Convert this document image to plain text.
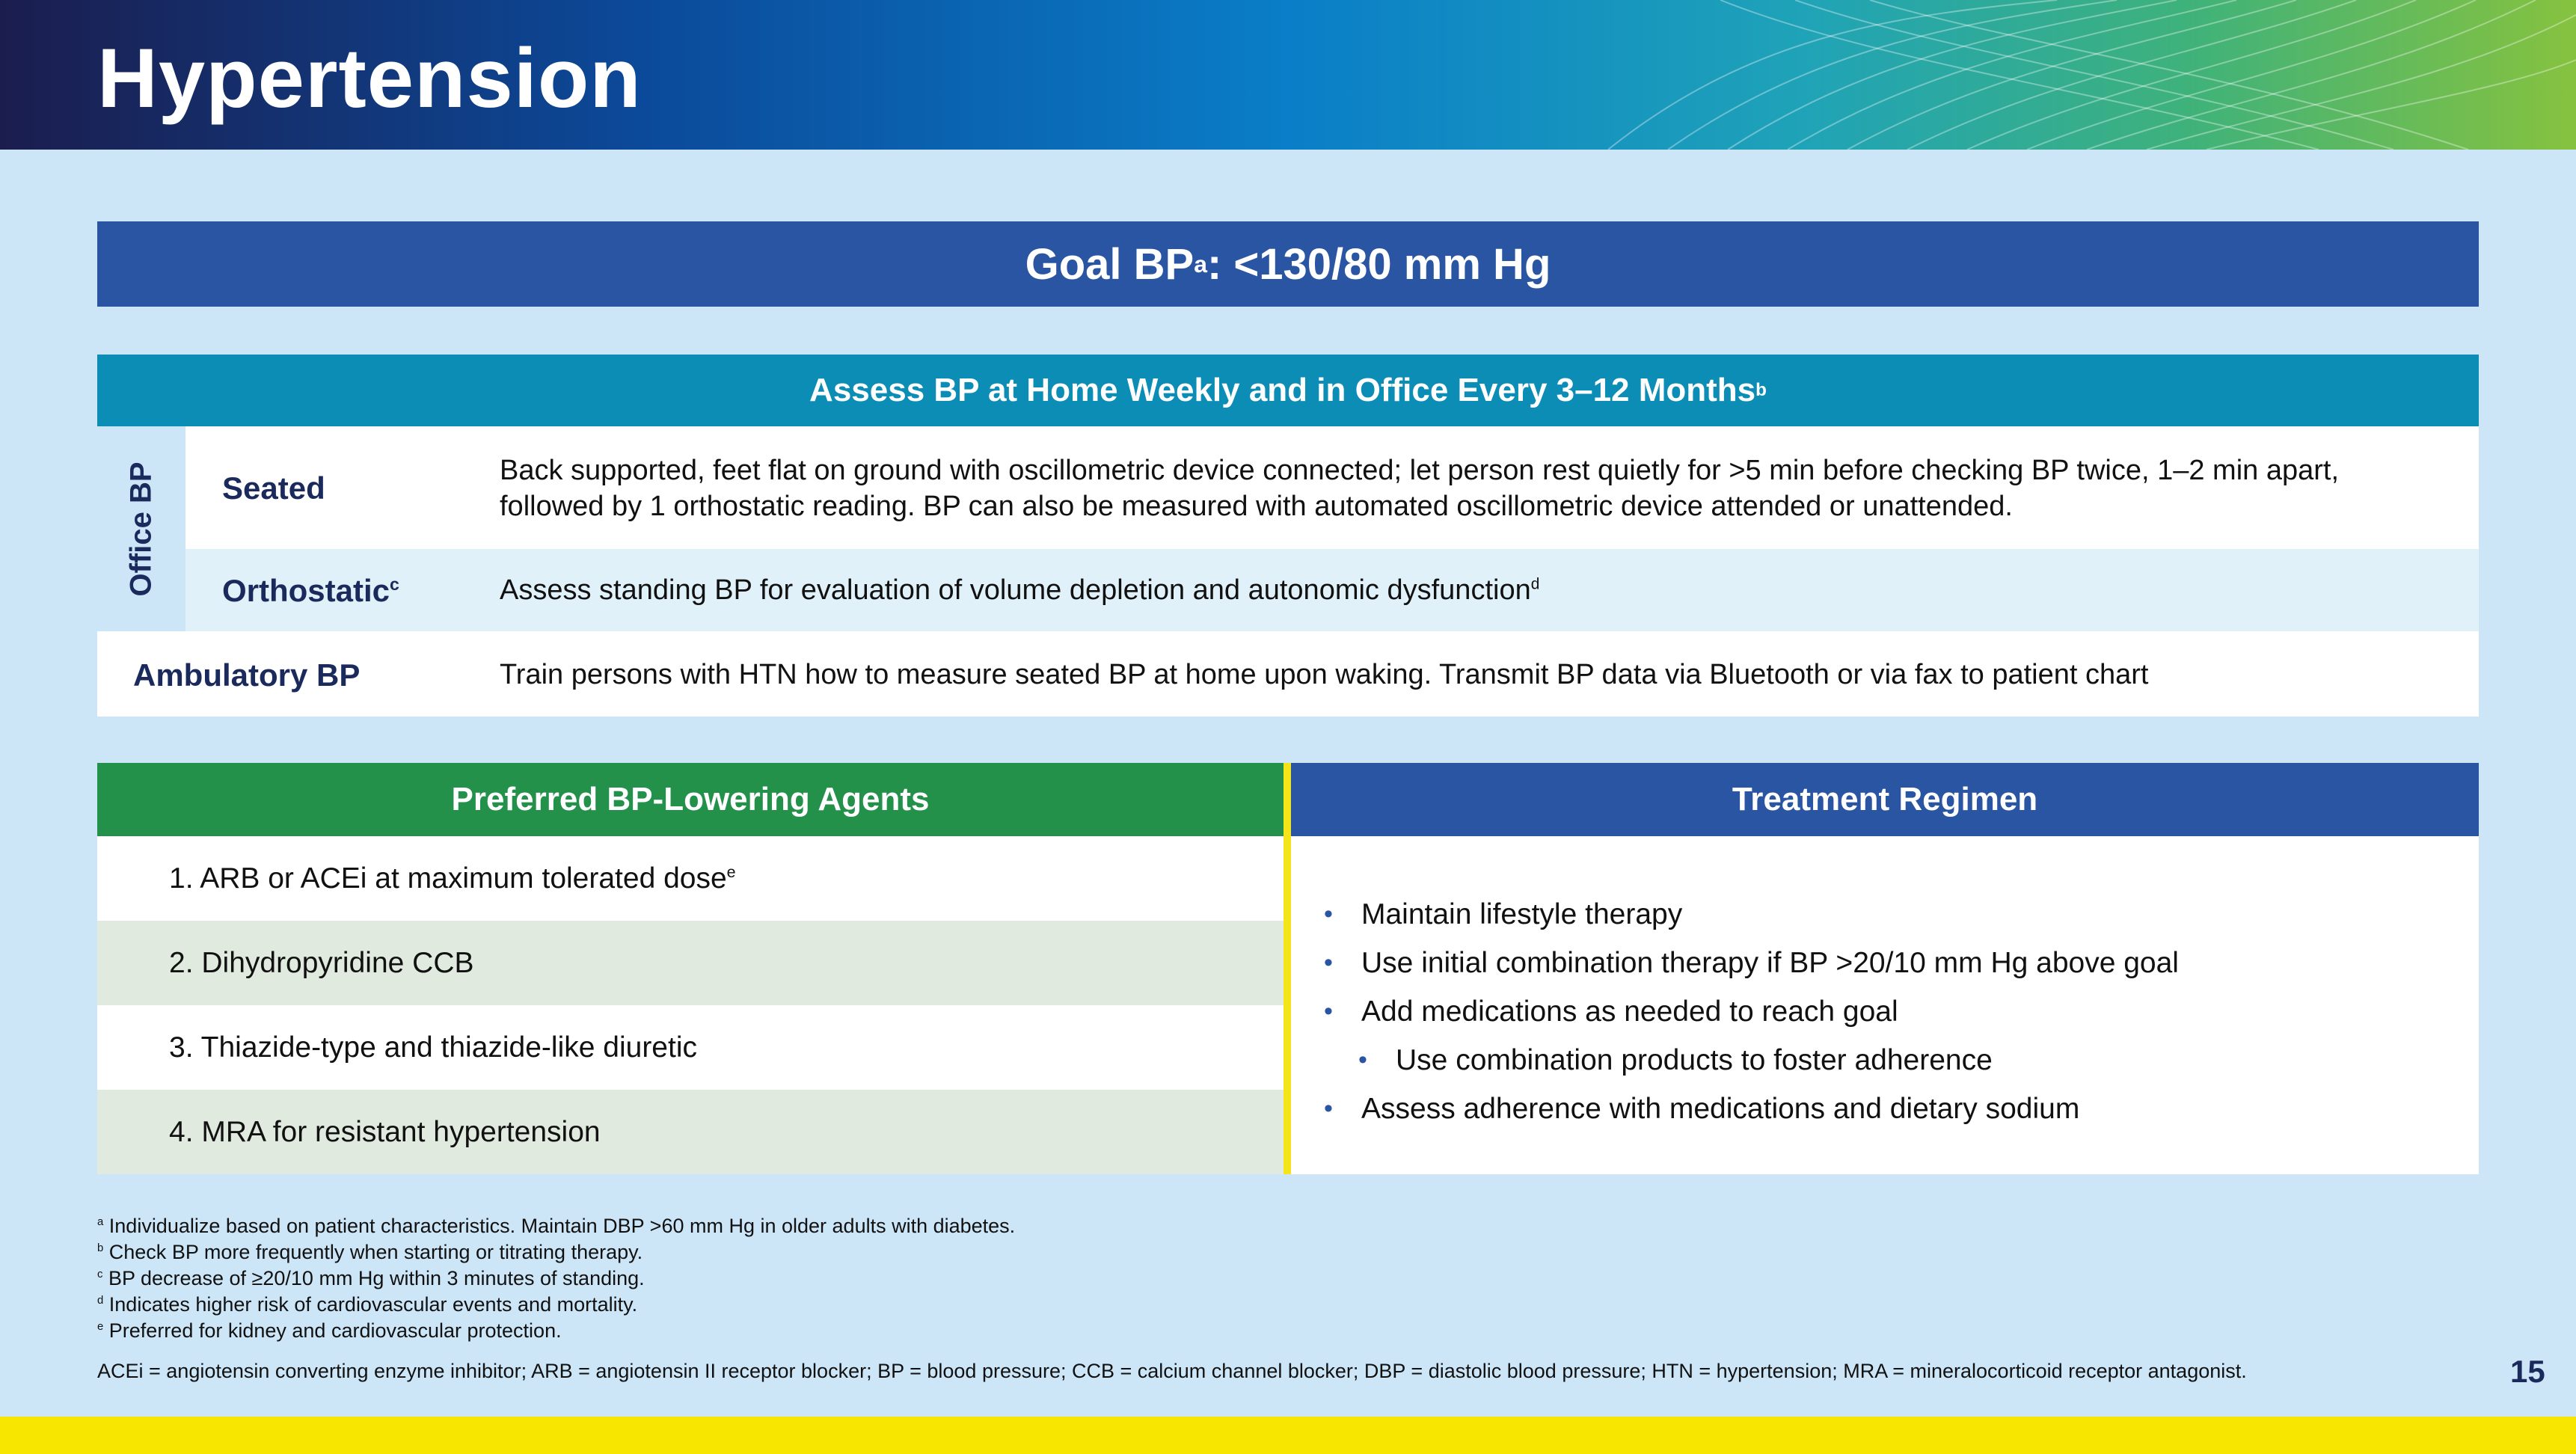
Hypertension
Goal BP a : <130/80 mm Hg
Assess BP at Home Weekly and in Office Every 3–12 Months b
Seated	Back supported, feet flat on ground with oscillometric device connected; let person rest quietly for >5 min before checking BP twice, 1–2 min apart, followed by 1 orthostatic reading. BP can also be measured with automated oscillometric device attended or unattended.
Orthostatic$^c$	Assess standing BP for evaluation of volume depletion and autonomic dysfunction$^d$
Office BP
Ambulatory BP	Train persons with HTN how to measure seated BP at home upon waking. Transmit BP data via Bluetooth or via fax to patient chart
Preferred BP-Lowering Agents
1. ARB or ACEi at maximum tolerated dose$^e$
2. Dihydropyridine CCB
3. Thiazide-type and thiazide-like diuretic
4. MRA for resistant hypertension
Treatment Regimen
• Maintain lifestyle therapy
• Use initial combination therapy if BP >20/10 mm Hg above goal
• Add medications as needed to reach goal
• Use combination products to foster adherence
• Assess adherence with medications and dietary sodium
$^a$ Individualize based on patient characteristics. Maintain DBP >60 mm Hg in older adults with diabetes.
$^b$ Check BP more frequently when starting or titrating therapy.
$^c$ BP decrease of ≥20/10 mm Hg within 3 minutes of standing.
$^d$ Indicates higher risk of cardiovascular events and mortality.
$^e$ Preferred for kidney and cardiovascular protection.
ACEi = angiotensin converting enzyme inhibitor; ARB = angiotensin II receptor blocker; BP = blood pressure; CCB = calcium channel blocker; DBP = diastolic blood pressure; HTN = hypertension; MRA = mineralocorticoid receptor antagonist.	15
